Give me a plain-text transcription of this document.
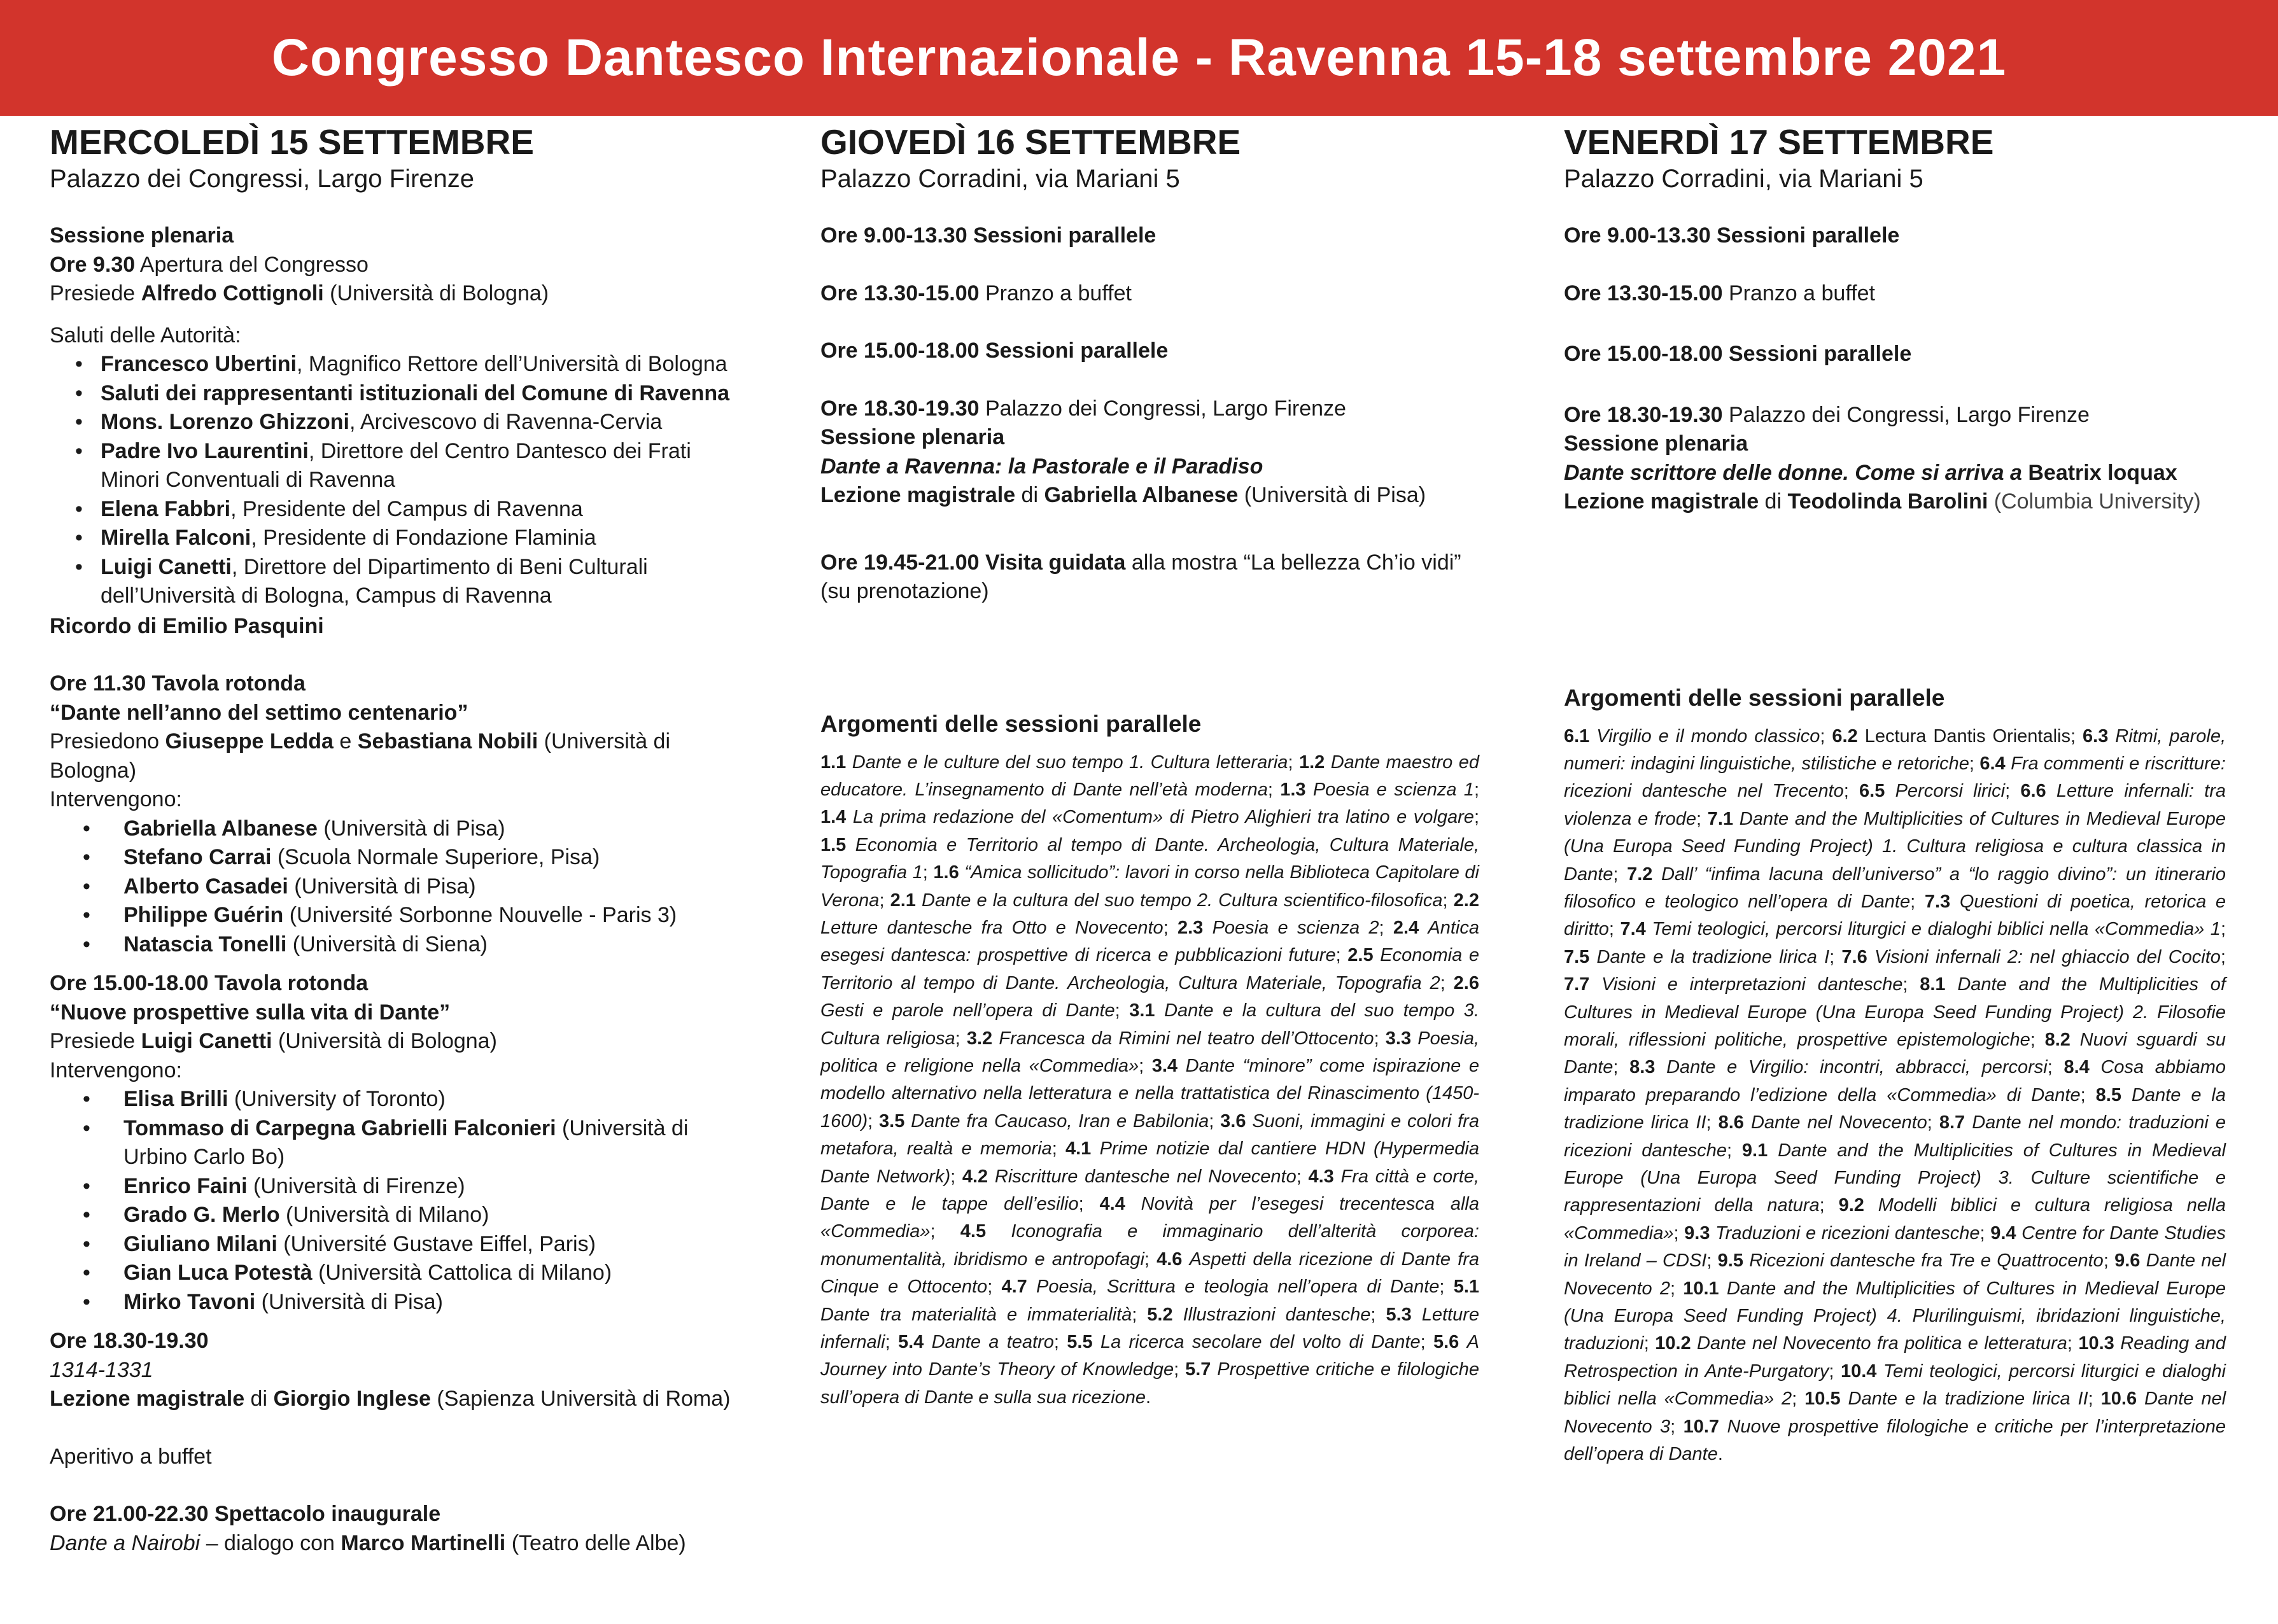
Congresso Dantesco Internazionale - Ravenna 15-18 settembre 2021

MERCOLEDÌ 15 SETTEMBRE

Palazzo dei Congressi, Largo Firenze

Sessione plenaria

Ore 9.30 Apertura del Congresso

Presiede Alfredo Cottignoli (Università di Bologna)

Saluti delle Autorità:

• Francesco Ubertini, Magnifico Rettore dell’Università di Bologna
• Saluti dei rappresentanti istituzionali del Comune di Ravenna
• Mons. Lorenzo Ghizzoni, Arcivescovo di Ravenna-Cervia
• Padre Ivo Laurentini, Direttore del Centro Dantesco dei Frati Minori Conventuali di Ravenna
• Elena Fabbri, Presidente del Campus di Ravenna
• Mirella Falconi, Presidente di Fondazione Flaminia
• Luigi Canetti, Direttore del Dipartimento di Beni Culturali dell’Università di Bologna, Campus di Ravenna

Ricordo di Emilio Pasquini

Ore 11.30 Tavola rotonda

“Dante nell’anno del settimo centenario”

Presiedono Giuseppe Ledda e Sebastiana Nobili (Università di Bologna)

Intervengono:

• Gabriella Albanese (Università di Pisa)
• Stefano Carrai (Scuola Normale Superiore, Pisa)
• Alberto Casadei (Università di Pisa)
• Philippe Guérin (Université Sorbonne Nouvelle - Paris 3)
• Natascia Tonelli (Università di Siena)

Ore 15.00-18.00 Tavola rotonda

“Nuove prospettive sulla vita di Dante”

Presiede Luigi Canetti (Università di Bologna)

Intervengono:

• Elisa Brilli (University of Toronto)
• Tommaso di Carpegna Gabrielli Falconieri (Università di Urbino Carlo Bo)
• Enrico Faini (Università di Firenze)
• Grado G. Merlo (Università di Milano)
• Giuliano Milani (Université Gustave Eiffel, Paris)
• Gian Luca Potestà (Università Cattolica di Milano)
• Mirko Tavoni (Università di Pisa)

Ore 18.30-19.30

1314-1331

Lezione magistrale di Giorgio Inglese (Sapienza Università di Roma)

Aperitivo a buffet

Ore 21.00-22.30 Spettacolo inaugurale

Dante a Nairobi – dialogo con Marco Martinelli (Teatro delle Albe)

GIOVEDÌ 16 SETTEMBRE

Palazzo Corradini, via Mariani 5

Ore 9.00-13.30 Sessioni parallele

Ore 13.30-15.00 Pranzo a buffet

Ore 15.00-18.00 Sessioni parallele

Ore 18.30-19.30 Palazzo dei Congressi, Largo Firenze

Sessione plenaria

Dante a Ravenna: la Pastorale e il Paradiso

Lezione magistrale di Gabriella Albanese (Università di Pisa)

Ore 19.45-21.00 Visita guidata alla mostra “La bellezza Ch’io vidi” (su prenotazione)

Argomenti delle sessioni parallele

1.1 Dante e le culture del suo tempo 1. Cultura letteraria; 1.2 Dante maestro ed educatore. L’insegnamento di Dante nell’età moderna; 1.3 Poesia e scienza 1; 1.4 La prima redazione del «Comentum» di Pietro Alighieri tra latino e volgare; 1.5 Economia e Territorio al tempo di Dante. Archeologia, Cultura Materiale, Topografia 1; 1.6 “Amica sollicitudo”: lavori in corso nella Biblioteca Capitolare di Verona; 2.1 Dante e la cultura del suo tempo 2. Cultura scientifico-filosofica; 2.2 Letture dantesche fra Otto e Novecento; 2.3 Poesia e scienza 2; 2.4 Antica esegesi dantesca: prospettive di ricerca e pubblicazioni future; 2.5 Economia e Territorio al tempo di Dante. Archeologia, Cultura Materiale, Topografia 2; 2.6 Gesti e parole nell’opera di Dante; 3.1 Dante e la cultura del suo tempo 3. Cultura religiosa; 3.2 Francesca da Rimini nel teatro dell’Ottocento; 3.3 Poesia, politica e religione nella «Commedia»; 3.4 Dante “minore” come ispirazione e modello alternativo nella letteratura e nella trattatistica del Rinascimento (1450-1600); 3.5 Dante fra Caucaso, Iran e Babilonia; 3.6 Suoni, immagini e colori fra metafora, realtà e memoria; 4.1 Prime notizie dal cantiere HDN (Hypermedia Dante Network); 4.2 Riscritture dantesche nel Novecento; 4.3 Fra città e corte, Dante e le tappe dell’esilio; 4.4 Novità per l’esegesi trecentesca alla «Commedia»; 4.5 Iconografia e immaginario dell’alterità corporea: monumentalità, ibridismo e antropofagi; 4.6 Aspetti della ricezione di Dante fra Cinque e Ottocento; 4.7 Poesia, Scrittura e teologia nell’opera di Dante; 5.1 Dante tra materialità e immaterialità; 5.2 Illustrazioni dantesche; 5.3 Letture infernali; 5.4 Dante a teatro; 5.5 La ricerca secolare del volto di Dante; 5.6 A Journey into Dante’s Theory of Knowledge; 5.7 Prospettive critiche e filologiche sull’opera di Dante e sulla sua ricezione.

VENERDÌ 17 SETTEMBRE

Palazzo Corradini, via Mariani 5

Ore 9.00-13.30 Sessioni parallele

Ore 13.30-15.00 Pranzo a buffet

Ore 15.00-18.00 Sessioni parallele

Ore 18.30-19.30 Palazzo dei Congressi, Largo Firenze

Sessione plenaria

Dante scrittore delle donne. Come si arriva a Beatrix loquax

Lezione magistrale di Teodolinda Barolini (Columbia University)

Argomenti delle sessioni parallele

6.1 Virgilio e il mondo classico; 6.2 Lectura Dantis Orientalis; 6.3 Ritmi, parole, numeri: indagini linguistiche, stilistiche e retoriche; 6.4 Fra commenti e riscritture: ricezioni dantesche nel Trecento; 6.5 Percorsi lirici; 6.6 Letture infernali: tra violenza e frode; 7.1 Dante and the Multiplicities of Cultures in Medieval Europe (Una Europa Seed Funding Project) 1. Cultura religiosa e cultura classica in Dante; 7.2 Dall’ “infima lacuna dell’universo” a “lo raggio divino”: un itinerario filosofico e teologico nell’opera di Dante; 7.3 Questioni di poetica, retorica e diritto; 7.4 Temi teologici, percorsi liturgici e dialoghi biblici nella «Commedia» 1; 7.5 Dante e la tradizione lirica I; 7.6 Visioni infernali 2: nel ghiaccio del Cocito; 7.7 Visioni e interpretazioni dantesche; 8.1 Dante and the Multiplicities of Cultures in Medieval Europe (Una Europa Seed Funding Project) 2. Filosofie morali, riflessioni politiche, prospettive epistemologiche; 8.2 Nuovi sguardi su Dante; 8.3 Dante e Virgilio: incontri, abbracci, percorsi; 8.4 Cosa abbiamo imparato preparando l’edizione della «Commedia» di Dante; 8.5 Dante e la tradizione lirica II; 8.6 Dante nel Novecento; 8.7 Dante nel mondo: traduzioni e ricezioni dantesche; 9.1 Dante and the Multiplicities of Cultures in Medieval Europe (Una Europa Seed Funding Project) 3. Culture scientifiche e rappresentazioni della natura; 9.2 Modelli biblici e cultura religiosa nella «Commedia»; 9.3 Traduzioni e ricezioni dantesche; 9.4 Centre for Dante Studies in Ireland – CDSI; 9.5 Ricezioni dantesche fra Tre e Quattrocento; 9.6 Dante nel Novecento 2; 10.1 Dante and the Multiplicities of Cultures in Medieval Europe (Una Europa Seed Funding Project) 4. Plurilinguismi, ibridazioni linguistiche, traduzioni; 10.2 Dante nel Novecento fra politica e letteratura; 10.3 Reading and Retrospection in Ante-Purgatory; 10.4 Temi teologici, percorsi liturgici e dialoghi biblici nella «Commedia» 2; 10.5 Dante e la tradizione lirica II; 10.6 Dante nel Novecento 3; 10.7 Nuove prospettive filologiche e critiche per l’interpretazione dell’opera di Dante.
